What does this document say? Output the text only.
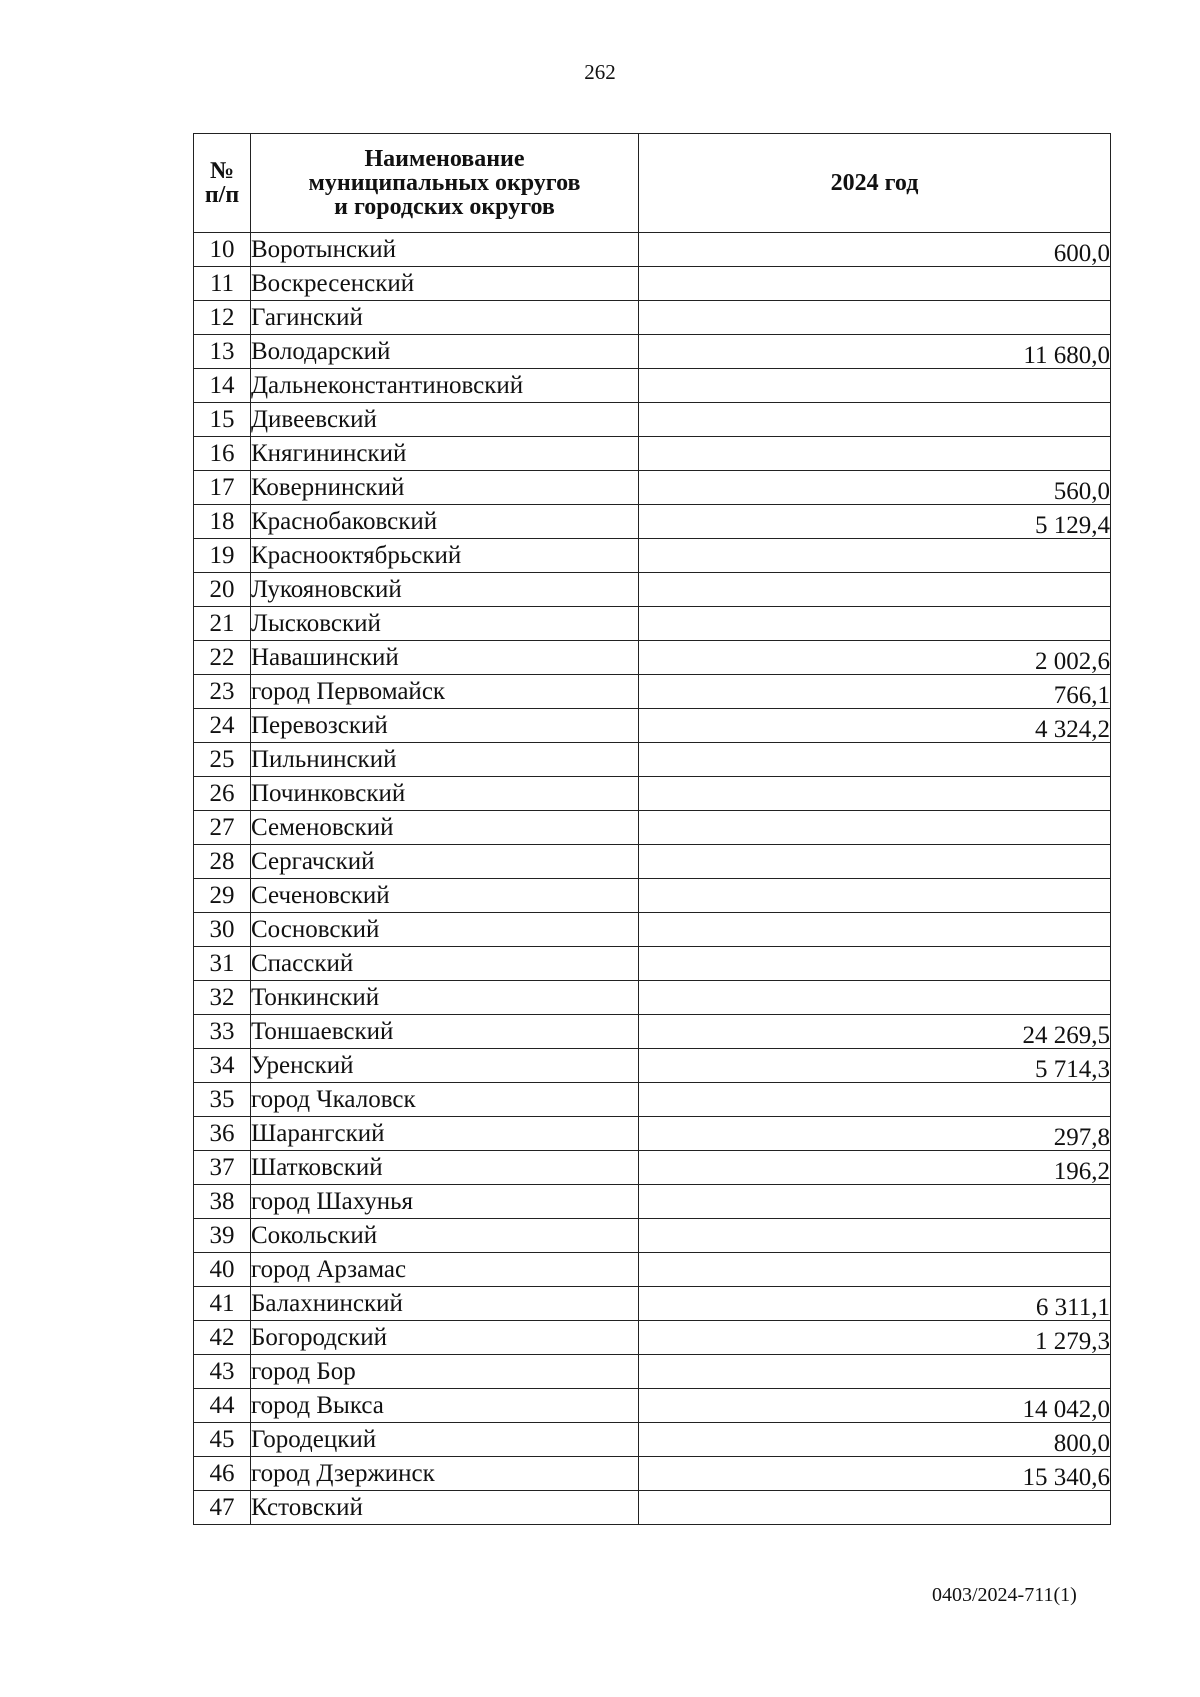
262
№
п/п	Наименование
муниципальных округов
и городских округов	2024 год
10	Воротынский	600,0
11	Воскресенский	
12	Гагинский	
13	Володарский	11 680,0
14	Дальнеконстантиновский	
15	Дивеевский	
16	Княгининский	
17	Ковернинский	560,0
18	Краснобаковский	5 129,4
19	Краснооктябрьский	
20	Лукояновский	
21	Лысковский	
22	Навашинский	2 002,6
23	город Первомайск	766,1
24	Перевозский	4 324,2
25	Пильнинский	
26	Починковский	
27	Семеновский	
28	Сергачский	
29	Сеченовский	
30	Сосновский	
31	Спасский	
32	Тонкинский	
33	Тоншаевский	24 269,5
34	Уренский	5 714,3
35	город Чкаловск	
36	Шарангский	297,8
37	Шатковский	196,2
38	город Шахунья	
39	Сокольский	
40	город Арзамас	
41	Балахнинский	6 311,1
42	Богородский	1 279,3
43	город Бор	
44	город Выкса	14 042,0
45	Городецкий	800,0
46	город Дзержинск	15 340,6
47	Кстовский	
0403/2024-711(1)
